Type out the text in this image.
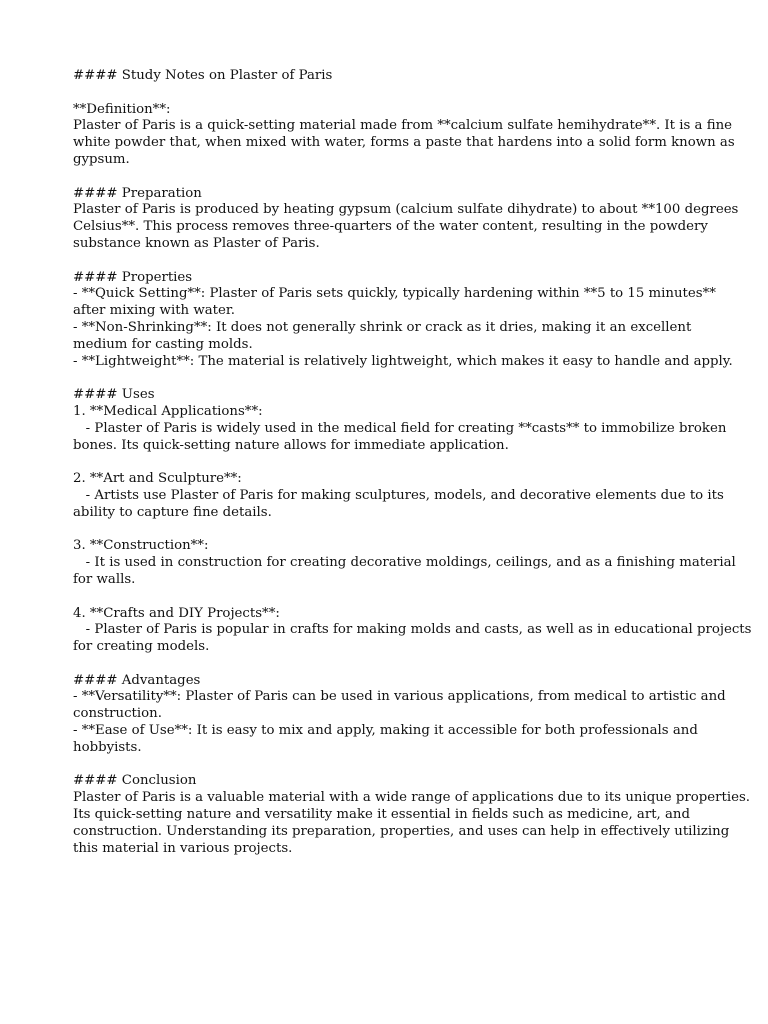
#### Study Notes on Plaster of Paris
**Definition**:
Plaster of Paris is a quick-setting material made from **calcium sulfate hemihydrate**. It is a fine
white powder that, when mixed with water, forms a paste that hardens into a solid form known as
gypsum.
#### Preparation
Plaster of Paris is produced by heating gypsum (calcium sulfate dihydrate) to about **100 degrees
Celsius**. This process removes three-quarters of the water content, resulting in the powdery
substance known as Plaster of Paris.
#### Properties
- **Quick Setting**: Plaster of Paris sets quickly, typically hardening within **5 to 15 minutes**
after mixing with water.
- **Non-Shrinking**: It does not generally shrink or crack as it dries, making it an excellent
medium for casting molds.
- **Lightweight**: The material is relatively lightweight, which makes it easy to handle and apply.
#### Uses
1. **Medical Applications**:
- Plaster of Paris is widely used in the medical field for creating **casts** to immobilize broken
bones. Its quick-setting nature allows for immediate application.
2. **Art and Sculpture**:
- Artists use Plaster of Paris for making sculptures, models, and decorative elements due to its
ability to capture fine details.
3. **Construction**:
- It is used in construction for creating decorative moldings, ceilings, and as a finishing material
for walls.
4. **Crafts and DIY Projects**:
- Plaster of Paris is popular in crafts for making molds and casts, as well as in educational projects
for creating models.
#### Advantages
- **Versatility**: Plaster of Paris can be used in various applications, from medical to artistic and
construction.
- **Ease of Use**: It is easy to mix and apply, making it accessible for both professionals and
hobbyists.
#### Conclusion
Plaster of Paris is a valuable material with a wide range of applications due to its unique properties.
Its quick-setting nature and versatility make it essential in fields such as medicine, art, and
construction. Understanding its preparation, properties, and uses can help in effectively utilizing
this material in various projects.
